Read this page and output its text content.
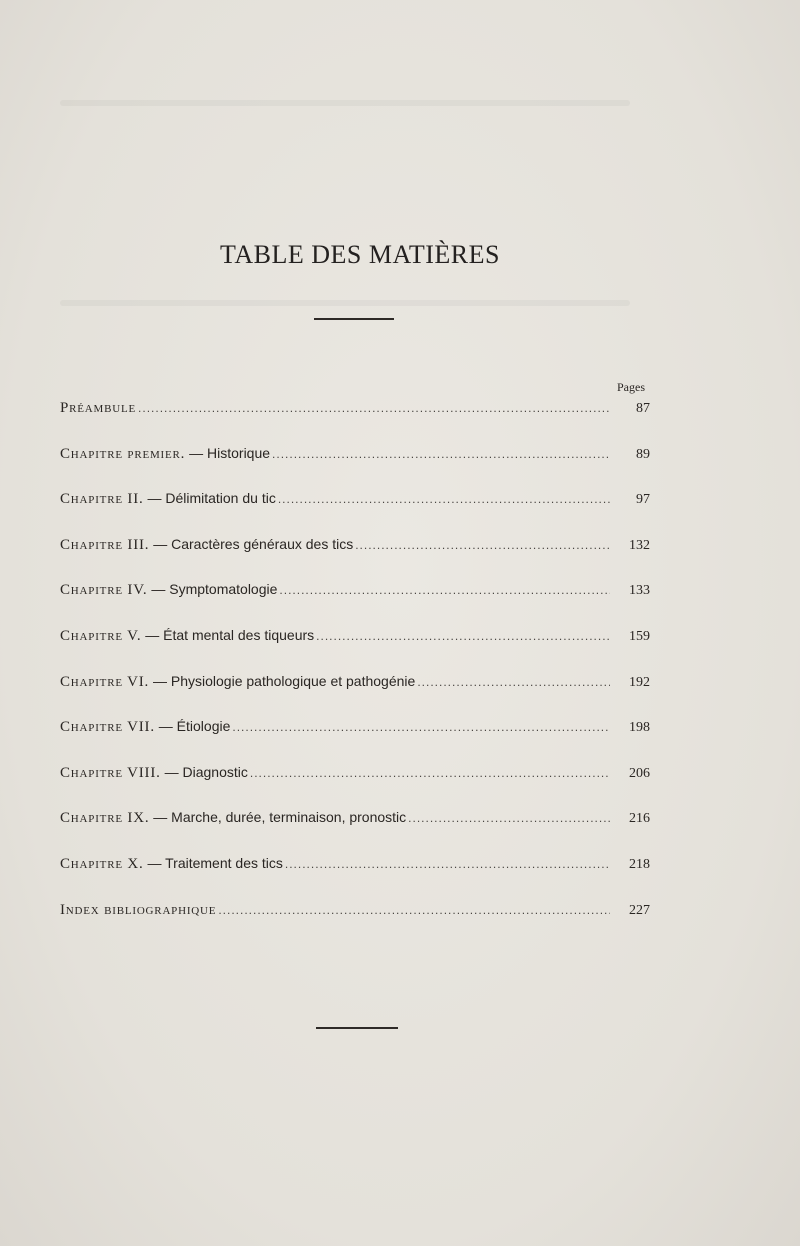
TABLE DES MATIÈRES
Pages
Préambule .....	87
Chapitre premier. — Historique .....	89
Chapitre II. — Délimitation du tic .....	97
Chapitre III. — Caractères généraux des tics .....	132
Chapitre IV. — Symptomatologie .....	133
Chapitre V. — État mental des tiqueurs .....	159
Chapitre VI. — Physiologie pathologique et pathogénie .....	192
Chapitre VII. — Étiologie .....	198
Chapitre VIII. — Diagnostic .....	206
Chapitre IX. — Marche, durée, terminaison, pronostic .....	216
Chapitre X. — Traitement des tics .....	218
Index bibliographique .....	227
